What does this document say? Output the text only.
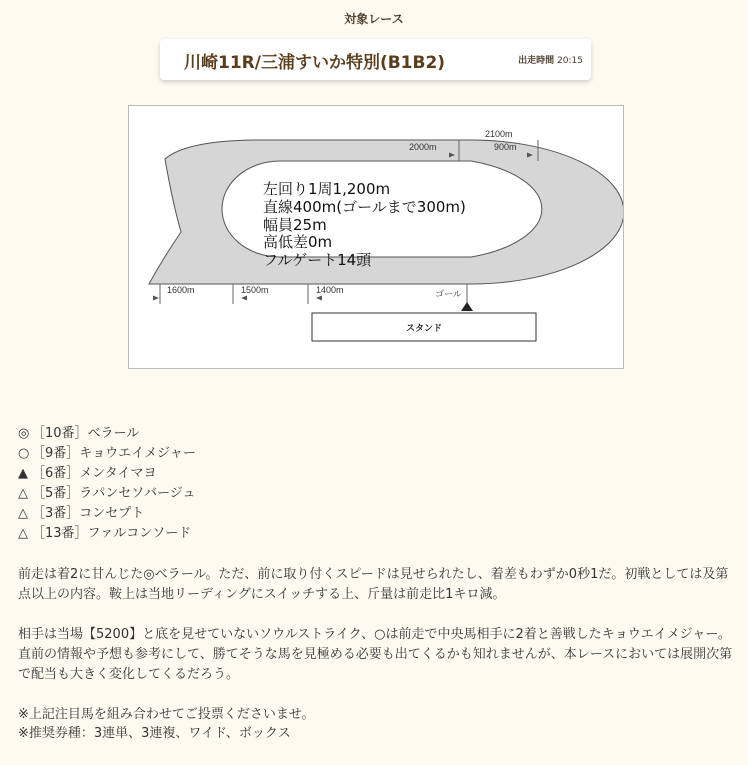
対象レース
川崎11R/三浦すいか特別(B1B2)	出走時間 20:15
2100m
2000m	900m
1600m	1500m	1400m	ゴール
スタンド
左回り1周1,200m
直線400m(ゴールまで300m)
幅員25m
高低差0m
フルゲート14頭
◎ ［10番］ベラール
○ ［9番］キョウエイメジャー
▲ ［6番］メンタイマヨ
△ ［5番］ラパンセソバージュ
△ ［3番］コンセプト
△ ［13番］ファルコンソード
前走は着2に甘んじた◎ベラール。ただ、前に取り付くスピードは見せられたし、着差もわずか0秒1だ。初戦としては及第点以上の内容。鞍上は当地リーディングにスイッチする上、斤量は前走比1キロ減。
相手は当場【5200】と底を見せていないソウルストライク、○は前走で中央馬相手に2着と善戦したキョウエイメジャー。直前の情報や予想も参考にして、勝てそうな馬を見極める必要も出てくるかも知れませんが、本レースにおいては展開次第で配当も大きく変化してくるだろう。
※上記注目馬を組み合わせてご投票くださいませ。
※推奨券種：3連単、3連複、ワイド、ボックス
